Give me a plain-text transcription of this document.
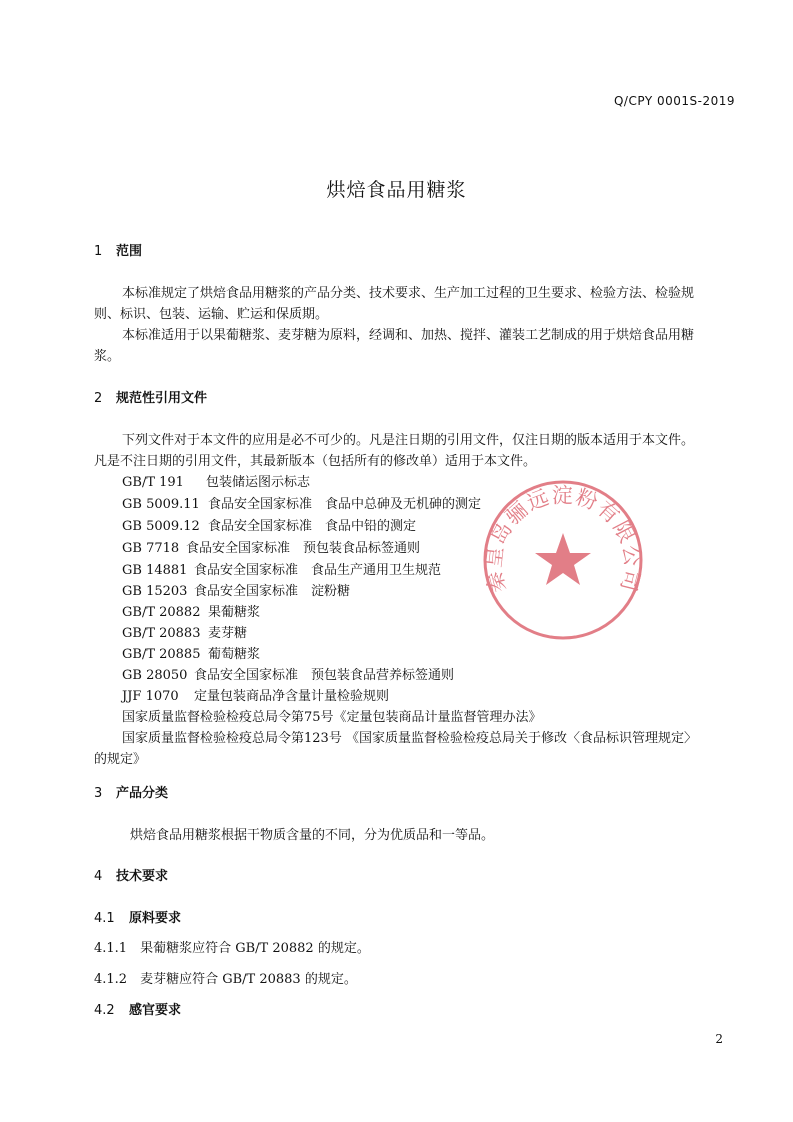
Q/CPY 0001S-2019
烘焙食品用糖浆
1 范围
本标准规定了烘焙食品用糖浆的产品分类、技术要求、生产加工过程的卫生要求、检验方法、检验规
则、标识、包装、运输、贮运和保质期。
本标准适用于以果葡糖浆、麦芽糖为原料，经调和、加热、搅拌、灌装工艺制成的用于烘焙食品用糖
浆。
2 规范性引用文件
下列文件对于本文件的应用是必不可少的。凡是注日期的引用文件，仅注日期的版本适用于本文件。
凡是不注日期的引用文件，其最新版本（包括所有的修改单）适用于本文件。
GB/T 191 包装储运图示标志
GB 5009.11 食品安全国家标准　食品中总砷及无机砷的测定
GB 5009.12 食品安全国家标准　食品中铅的测定
GB 7718 食品安全国家标准　预包装食品标签通则
GB 14881 食品安全国家标准　食品生产通用卫生规范
GB 15203 食品安全国家标准　淀粉糖
GB/T 20882 果葡糖浆
GB/T 20883 麦芽糖
GB/T 20885 葡萄糖浆
GB 28050 食品安全国家标准　预包装食品营养标签通则
JJF 1070 定量包装商品净含量计量检验规则
国家质量监督检验检疫总局令第75号《定量包装商品计量监督管理办法》
国家质量监督检验检疫总局令第123号 《国家质量监督检验检疫总局关于修改〈食品标识管理规定〉
的规定》
3 产品分类
烘焙食品用糖浆根据干物质含量的不同，分为优质品和一等品。
4 技术要求
4.1 原料要求
4.1.1　果葡糖浆应符合 GB/T 20882 的规定。
4.1.2　麦芽糖应符合 GB/T 20883 的规定。
4.2 感官要求
秦皇岛骊远淀粉有限公司
2
